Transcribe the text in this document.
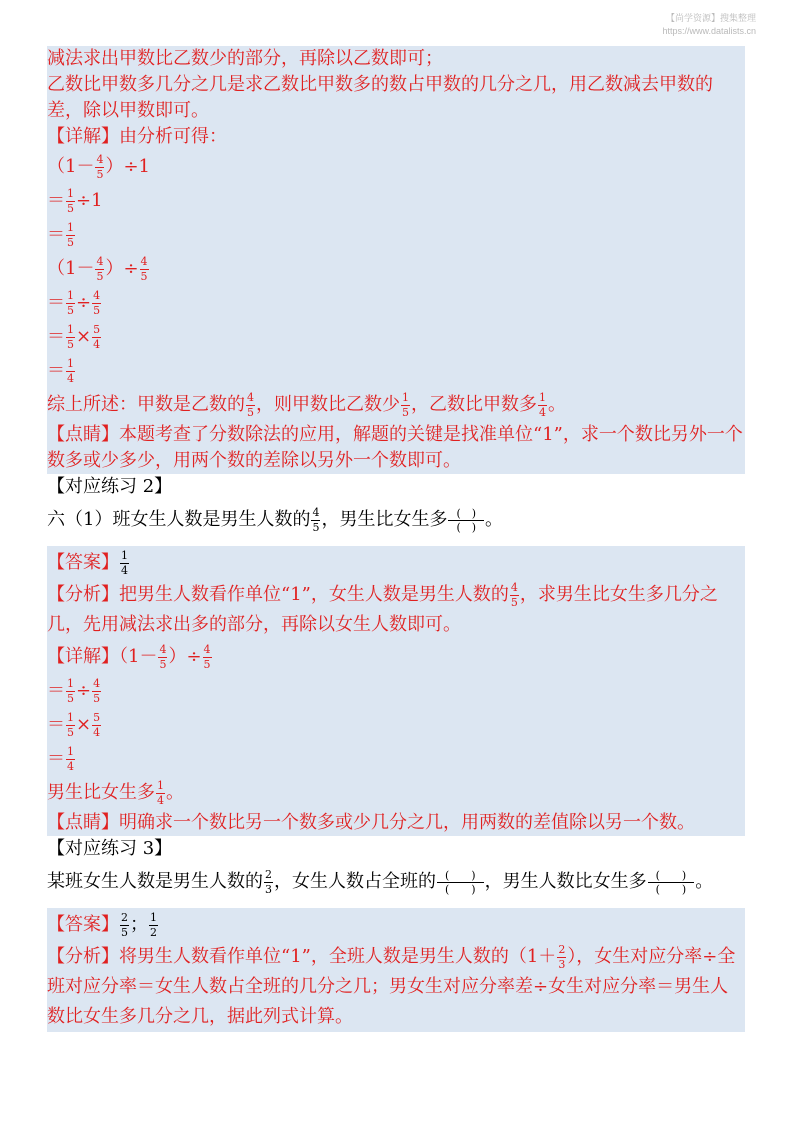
【尚学资源】搜集整理
https://www.datalists.cn
减法求出甲数比乙数少的部分，再除以乙数即可；
乙数比甲数多几分之几是求乙数比甲数多的数占甲数的几分之几，用乙数减去甲数的差，除以甲数即可。
【详解】由分析可得：
$(1- \frac{4}{5} )\div 1$
＝ $\frac{1}{5} \div 1$
＝ $\frac{1}{5}$
（$1- \frac{4}{5}$ ）÷ $\frac{4}{5}$
＝ $\frac{1}{5} \div \frac{4}{5}$
＝ $\frac{1}{5} \times \frac{5}{4}$
＝ $\frac{1}{4}$
综上所述：甲数是乙数的 $\frac{4}{5}$ ，则甲数比乙数少 $\frac{1}{5}$ ，乙数比甲数多 $\frac{1}{4}$ 。
【点睛】本题考查了分数除法的应用，解题的关键是找准单位“1”，求一个数比另外一个数多或少多少，用两个数的差除以另外一个数即可。
【对应练习 2】
六（1）班女生人数是男生人数的 $\frac{4}{5}$ ，男生比女生多 $\frac{( )}{( )}$ 。
【答案】 $\frac{1}{4}$
【分析】把男生人数看作单位“1”，女生人数是男生人数的 $\frac{4}{5}$ ，求男生比女生多几分之几，先用减法求出多的部分，再除以女生人数即可。
【详解】（$1- \frac{4}{5}$ ）÷ $\frac{4}{5}$
＝ $\frac{1}{5} \div \frac{4}{5}$
＝ $\frac{1}{5} \times \frac{5}{4}$
＝ $\frac{1}{4}$
男生比女生多 $\frac{1}{4}$ 。
【点睛】明确求一个数比另一个数多或少几分之几，用两数的差值除以另一个数。
【对应练习 3】
某班女生人数是男生人数的 $\frac{2}{3}$ ，女生人数占全班的 $\frac{( )}{( )}$ ，男生人数比女生多 $\frac{( )}{( )}$ 。
【答案】 $\frac{2}{5}$ ； $\frac{1}{2}$
【分析】将男生人数看作单位“1”，全班人数是男生人数的（$1+ \frac{2}{3}$ ），女生对应分率÷全班对应分率＝女生人数占全班的几分之几；男女生对应分率差÷女生对应分率＝男生人数比女生多几分之几，据此列式计算。
